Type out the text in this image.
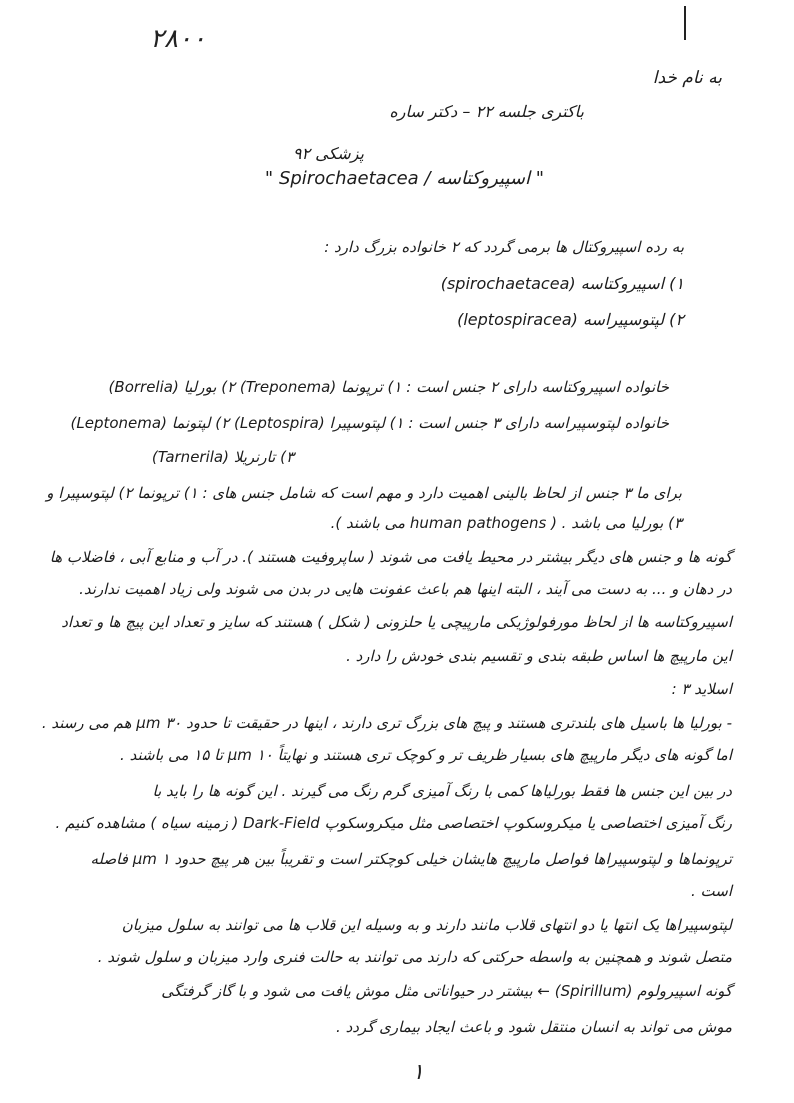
۲۸۰۰
به نام خدا
باکتری جلسه ۲۲ – دکتر ساره
پزشکی ۹۲
" اسپیروکتاسه / Spirochaetacea "
به رده اسپیروکتال ها برمی گردد که ۲ خانواده بزرگ دارد :
۱) اسپیروکتاسه (spirochaetacea)
۲) لپتوسپیراسه (leptospiracea)
خانواده اسپیروکتاسه دارای ۲ جنس است : ۱) ترپونما (Treponema) ۲) بورلیا (Borrelia)
خانواده لپتوسپیراسه دارای ۳ جنس است : ۱) لپتوسپیرا (Leptospira) ۲) لپتونما (Leptonema)
۳) تارنریلا (Tarnerila)
برای ما ۳ جنس از لحاظ بالینی اهمیت دارد و مهم است که شامل جنس های : ۱) ترپونما ۲) لپتوسپیرا و
۳) بورلیا می باشد . ( human pathogens می باشند ).
گونه ها و جنس های دیگر بیشتر در محیط یافت می شوند ( ساپروفیت هستند ). در آب و منابع آبی ، فاضلاب ها
در دهان و ... به دست می آیند ، البته اینها هم باعث عفونت هایی در بدن می شوند ولی زیاد اهمیت ندارند.
اسپیروکتاسه ها از لحاظ مورفولوژیکی مارپیچی یا حلزونی ( شکل ) هستند که سایز و تعداد این پیچ ها و تعداد
این مارپیچ ها اساس طبقه بندی و تقسیم بندی خودش را دارد .
اسلاید ۳ :
- بورلیا ها باسیل های بلندتری هستند و پیچ های بزرگ تری دارند ، اینها در حقیقت تا حدود ۳۰ µm هم می رسند .
اما گونه های دیگر مارپیچ های بسیار ظریف تر و کوچک تری هستند و نهایتاً ۱۰ µm تا ۱۵ می باشند .
در بین این جنس ها فقط بورلیاها کمی با رنگ آمیزی گرم رنگ می گیرند . این گونه ها را باید با
رنگ آمیزی اختصاصی یا میکروسکوپ اختصاصی مثل میکروسکوپ Dark-Field ( زمینه سیاه ) مشاهده کنیم .
ترپونماها و لپتوسپیراها فواصل مارپیچ هایشان خیلی کوچکتر است و تقریباً بین هر پیچ حدود ۱ µm فاصله
است .
لپتوسپیراها یک انتها یا دو انتهای قلاب مانند دارند و به وسیله این قلاب ها می توانند به سلول میزبان
متصل شوند و همچنین به واسطه حرکتی که دارند می توانند به حالت فنری وارد میزبان و سلول شوند .
گونه اسپیرولوم (Spirillum) ← بیشتر در حیواناتی مثل موش یافت می شود و با گاز گرفتگی
موش می تواند به انسان منتقل شود و باعث ایجاد بیماری گردد .
۱
